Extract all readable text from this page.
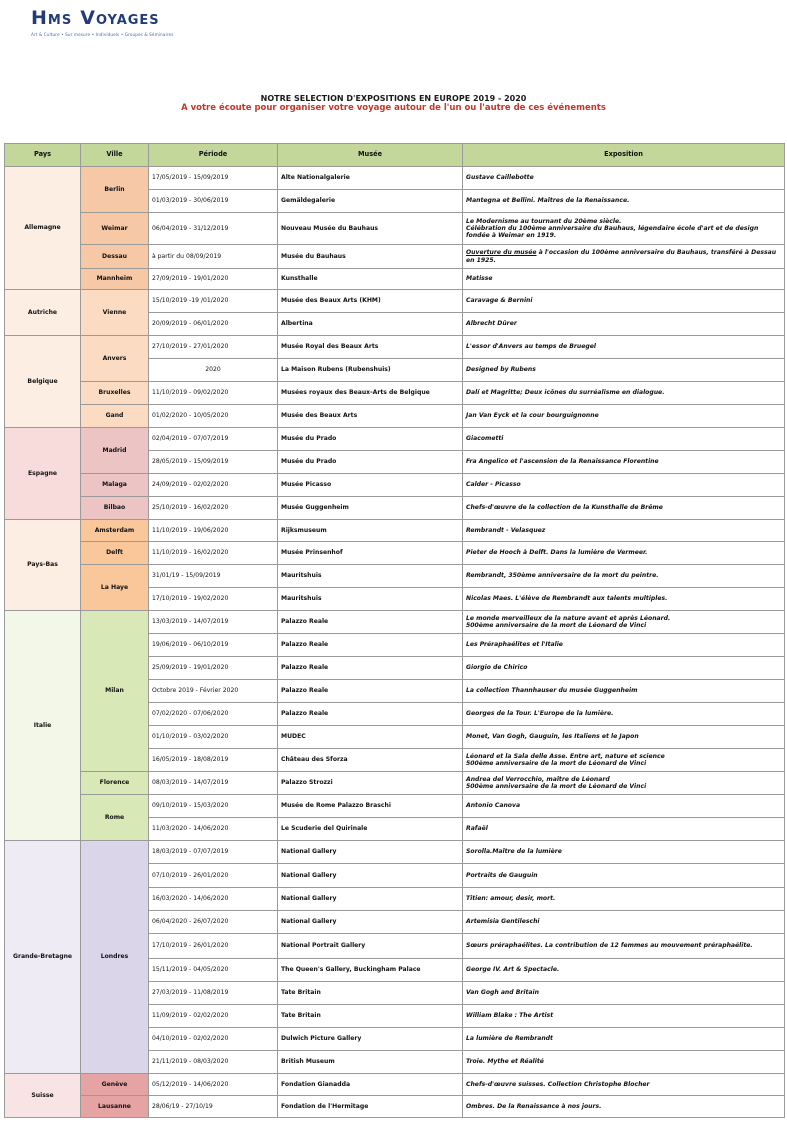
HMS VOYAGES
Art & Culture • Sur mesure • Individuels • Groupes & Séminaires
NOTRE SELECTION D'EXPOSITIONS EN EUROPE 2019 - 2020
A votre écoute pour organiser votre voyage autour de l'un ou l'autre de ces événements
Pays	Ville	Période	Musée	Exposition
Allemagne	Berlin	17/05/2019 - 15/09/2019	Alte Nationalgalerie	Gustave Caillebotte
		01/03/2019 - 30/06/2019	Gemäldegalerie	Mantegna et Bellini. Maîtres de la Renaissance.
	Weimar	06/04/2019 - 31/12/2019	Nouveau Musée du Bauhaus	Le Modernisme au tournant du 20ème siècle.
Célébration du 100ème anniversaire du Bauhaus, légendaire école d'art et de design fondée à Weimar en 1919.
	Dessau	à partir du 08/09/2019	Musée du Bauhaus	Ouverture du musée à l'occasion du 100ème anniversaire du Bauhaus, transféré à Dessau en 1925.
	Mannheim	27/09/2019 - 19/01/2020	Kunsthalle	Matisse
Autriche	Vienne	15/10/2019 -19 /01/2020	Musée des Beaux Arts (KHM)	Caravage & Bernini
		20/09/2019 - 06/01/2020	Albertina	Albrecht Dürer
Belgique	Anvers	27/10/2019 - 27/01/2020	Musée Royal des Beaux Arts	L'essor d'Anvers au temps de Bruegel
		2020	La Maison Rubens (Rubenshuis)	Designed by Rubens
	Bruxelles	11/10/2019 - 09/02/2020	Musées royaux des Beaux-Arts de Belgique	Dalí et Magritte; Deux icônes du surréalisme en dialogue.
	Gand	01/02/2020 - 10/05/2020	Musée des Beaux Arts	Jan Van Eyck et la cour bourguignonne
Espagne	Madrid	02/04/2019 - 07/07/2019	Musée du Prado	Giacometti
		28/05/2019 - 15/09/2019	Musée du Prado	Fra Angelico et l'ascension de la Renaissance Florentine
	Malaga	24/09/2019 - 02/02/2020	Musée Picasso	Calder - Picasso
	Bilbao	25/10/2019 - 16/02/2020	Musée Guggenheim	Chefs-d'œuvre de la collection de la Kunsthalle de Brême
Pays-Bas	Amsterdam	11/10/2019 - 19/06/2020	Rijksmuseum	Rembrandt - Velasquez
	Delft	11/10/2019 - 16/02/2020	Musée Prinsenhof	Pieter de Hooch à Delft. Dans la lumière de Vermeer.
	La Haye	31/01/19 - 15/09/2019	Mauritshuis	Rembrandt, 350ème anniversaire de la mort du peintre.
		17/10/2019 - 19/02/2020	Mauritshuis	Nicolas Maes. L'élève de Rembrandt aux talents multiples.
Italie	Milan	13/03/2019 - 14/07/2019	Palazzo Reale	Le monde merveilleux de la nature avant et après Léonard.
500ème anniversaire de la mort de Léonard de Vinci
		19/06/2019 - 06/10/2019	Palazzo Reale	Les Préraphaélites et l'Italie
		25/09/2019 - 19/01/2020	Palazzo Reale	Giorgio de Chirico
		Octobre 2019 - Février 2020	Palazzo Reale	La collection Thannhauser du musée Guggenheim
		07/02/2020 - 07/06/2020	Palazzo Reale	Georges de la Tour. L'Europe de la lumière.
		01/10/2019 - 03/02/2020	MUDEC	Monet, Van Gogh, Gauguin, les Italiens et le Japon
		16/05/2019 - 18/08/2019	Château des Sforza	Léonard et la Sala delle Asse. Entre art, nature et science
500ème anniversaire de la mort de Léonard de Vinci
	Florence	08/03/2019 - 14/07/2019	Palazzo Strozzi	Andrea del Verrocchio, maître de Léonard
500ème anniversaire de la mort de Léonard de Vinci
	Rome	09/10/2019 - 15/03/2020	Musée de Rome Palazzo Braschi	Antonio Canova
		11/03/2020 - 14/06/2020	Le Scuderie del Quirinale	Rafaël
Grande-Bretagne	Londres	18/03/2019 - 07/07/2019	National Gallery	Sorolla.Maître de la lumière
		07/10/2019 - 26/01/2020	National Gallery	Portraits de Gauguin
		16/03/2020 - 14/06/2020	National Gallery	Titien: amour, desir, mort.
		06/04/2020 - 26/07/2020	National Gallery	Artemisia Gentileschi
		17/10/2019 - 26/01/2020	National Portrait Gallery	Sœurs préraphaélites. La contribution de 12 femmes au mouvement préraphaélite.
		15/11/2019 - 04/05/2020	The Queen's Gallery, Buckingham Palace	George IV. Art & Spectacle.
		27/03/2019 - 11/08/2019	Tate Britain	Van Gogh and Britain
		11/09/2019 - 02/02/2020	Tate Britain	William Blake : The Artist
		04/10/2019 - 02/02/2020	Dulwich Picture Gallery	La lumière de Rembrandt
		21/11/2019 - 08/03/2020	British Museum	Troie. Mythe et Réalité
Suisse	Genève	05/12/2019 - 14/06/2020	Fondation Gianadda	Chefs-d'œuvre suisses. Collection Christophe Blocher
	Lausanne	28/06/19 - 27/10/19	Fondation de l'Hermitage	Ombres. De la Renaissance à nos jours.
